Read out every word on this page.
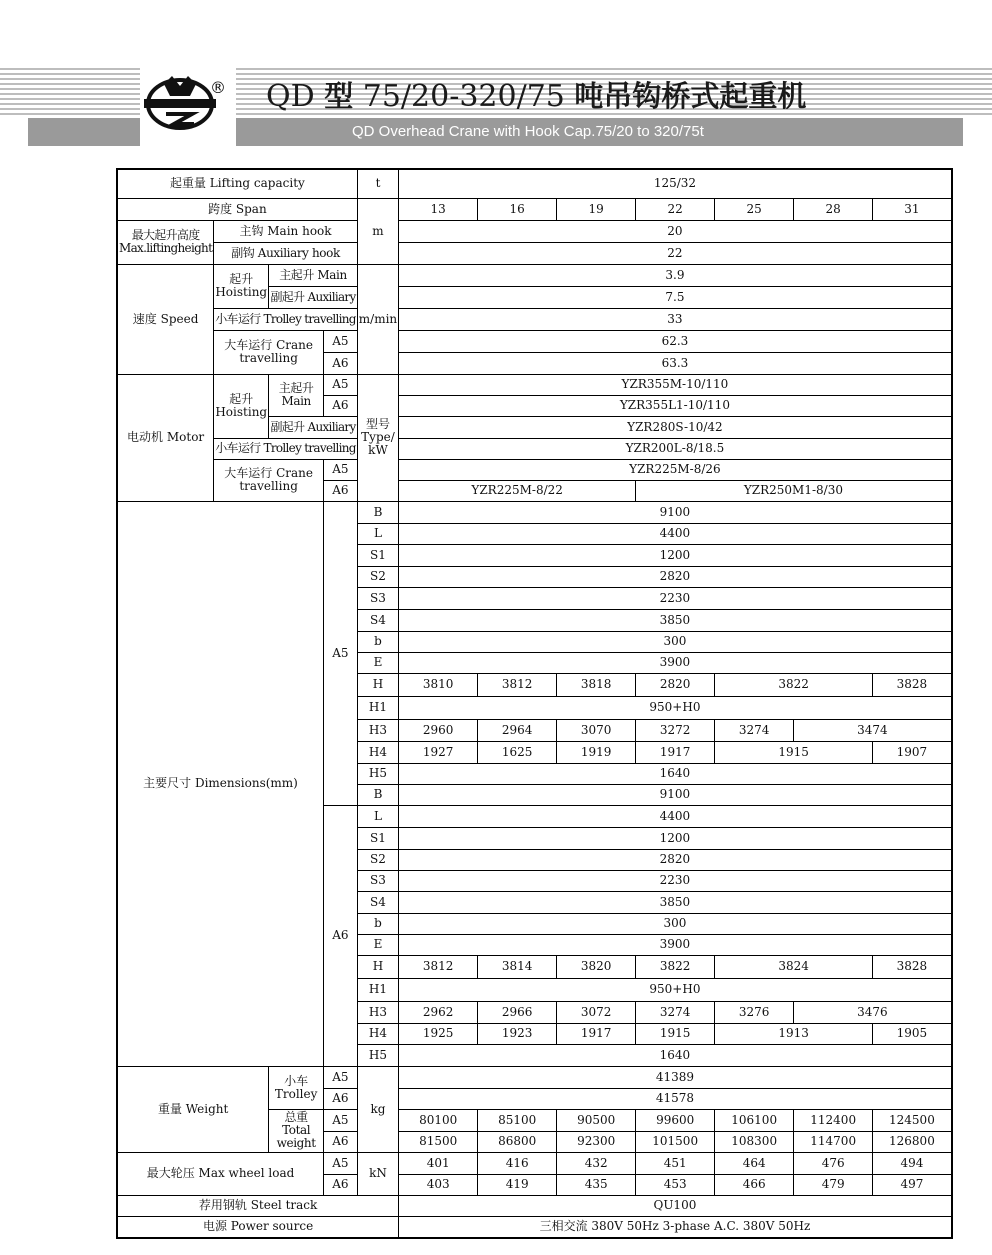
® QD 型 75/20-320/75 吨吊钩桥式起重机
QD Overhead Crane with Hook Cap.75/20 to 320/75t
起重量 Lifting capacity				t	125/32						
跨度 Span				m	13	16	19	22	25	28	31
最大起升高度 Max.liftingheight	主钩 Main hook				20						
	副钩 Auxiliary hook				22						
速度 Speed	起升 Hoisting	主起升 Main		m/min	3.9						
		副起升 Auxiliary			7.5						
	小车运行 Trolley travelling				33						
	大车运行 Crane travelling		A5		62.3						
			A6		63.3						
电动机 Motor	起升 Hoisting	主起升 Main	A5	型号 Type/ kW	YZR355M-10/110						
			A6		YZR355L1-10/110						
		副起升 Auxiliary			YZR280S-10/42						
	小车运行 Trolley travelling				YZR200L-8/18.5						
	大车运行 Crane travelling		A5		YZR225M-8/26						
			A6		YZR225M-8/22			YZR250M1-8/30			
主要尺寸 Dimensions(mm)			A5	B	9100						
				L	4400						
				S1	1200						
				S2	2820						
				S3	2230						
				S4	3850						
				b	300						
				E	3900						
				H	3810	3812	3818	2820	3822		3828
				H1	950+H0						
				H3	2960	2964	3070	3272	3274	3474	
				H4	1927	1625	1919	1917	1915		1907
				H5	1640						
				B	9100						
			A6	L	4400						
				S1	1200						
				S2	2820						
				S3	2230						
				S4	3850						
				b	300						
				E	3900						
				H	3812	3814	3820	3822	3824		3828
				H1	950+H0						
				H3	2962	2966	3072	3274	3276	3476	
				H4	1925	1923	1917	1915	1913		1905
				H5	1640						
重量 Weight		小车 Trolley	A5	kg	41389						
			A6		41578						
		总重 Total weight	A5		80100	85100	90500	99600	106100	112400	124500
			A6		81500	86800	92300	101500	108300	114700	126800
最大轮压 Max wheel load			A5	kN	401	416	432	451	464	476	494
			A6		403	419	435	453	466	479	497
荐用钢轨 Steel track					QU100						
电源 Power source					三相交流 380V 50Hz 3-phase A.C. 380V 50Hz						
